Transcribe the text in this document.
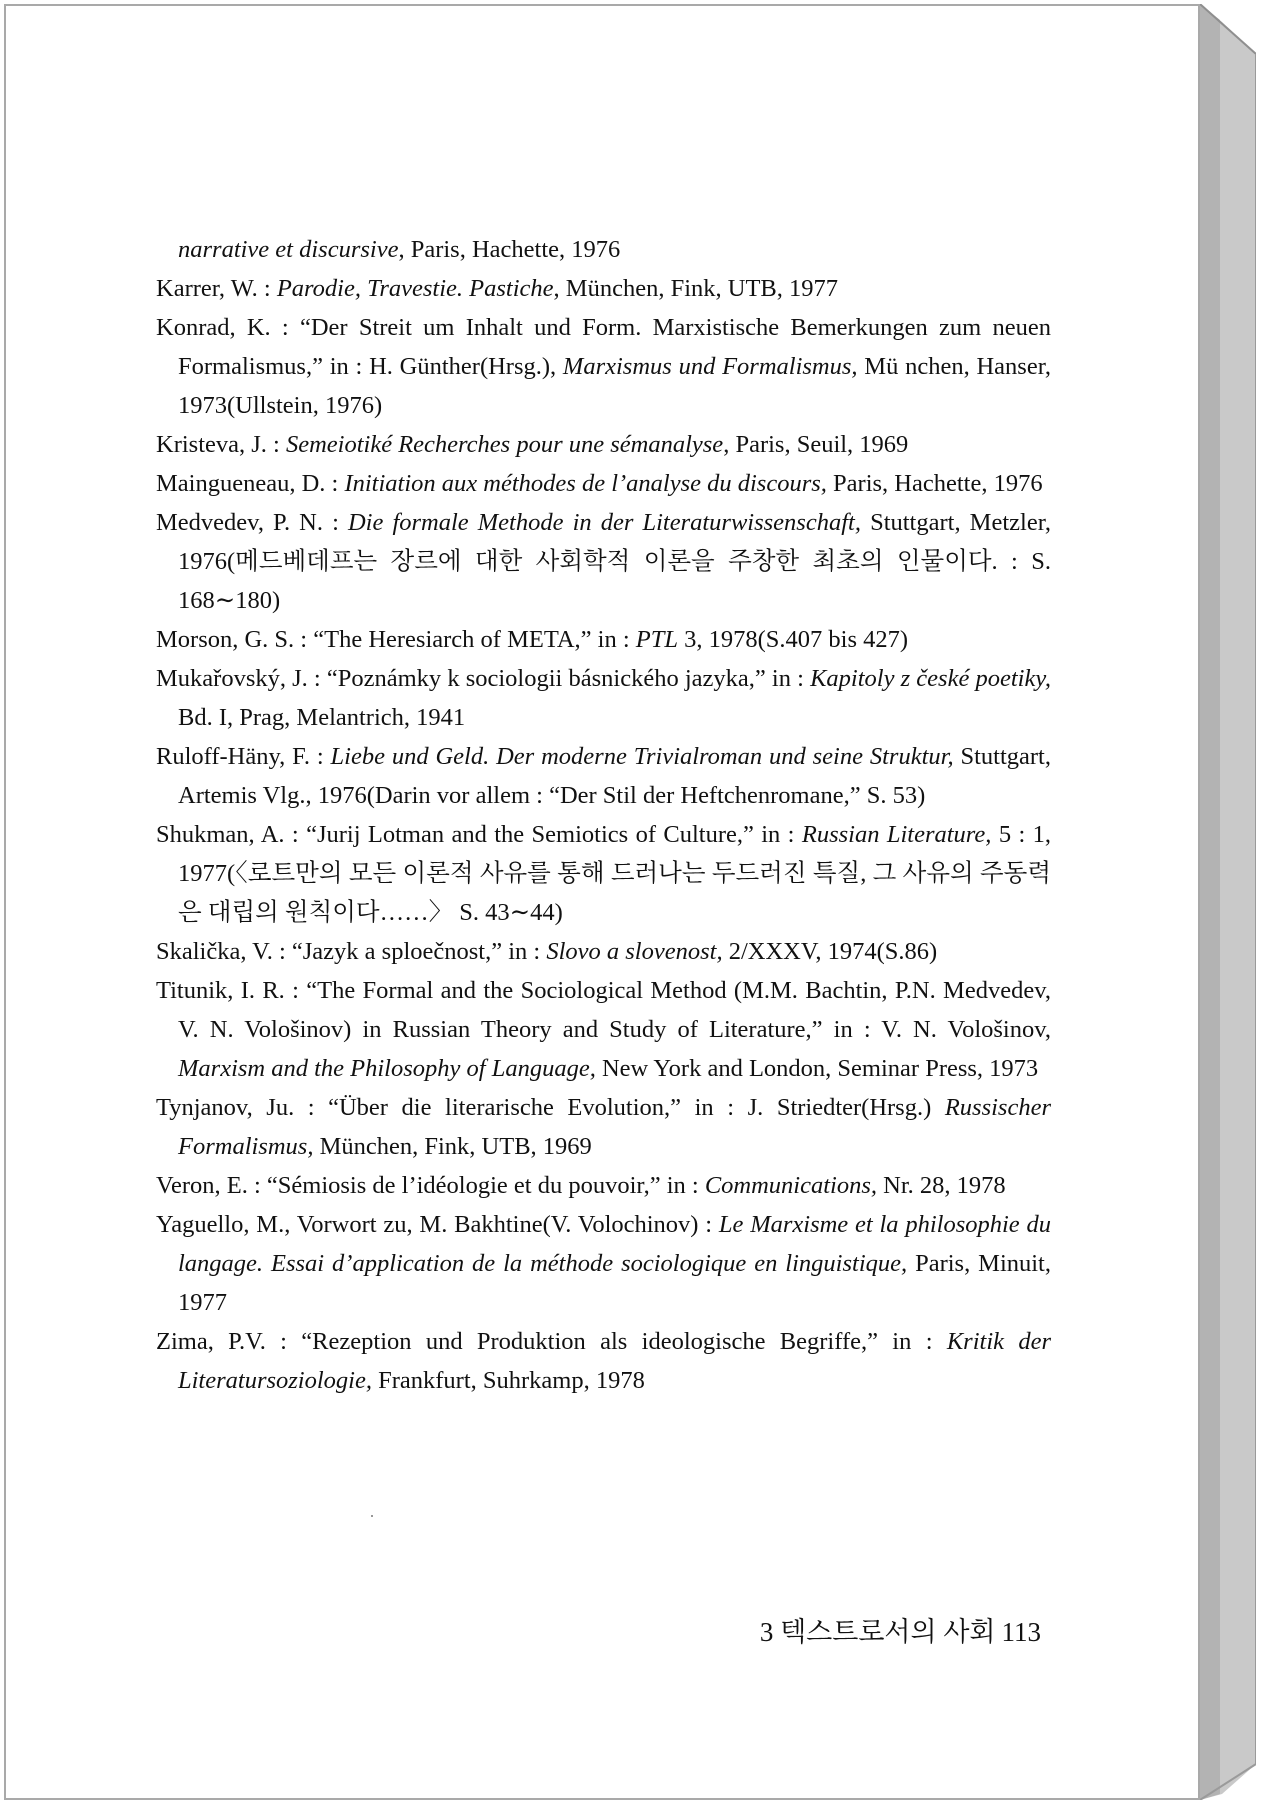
narrative et discursive, Paris, Hachette, 1976

Karrer, W. : Parodie, Travestie. Pastiche, München, Fink, UTB, 1977

Konrad, K. : “Der Streit um Inhalt und Form. Marxistische Bemerkungen zum neuen Formalismus,” in : H. Günther(Hrsg.), Marxismus und Formalismus, Mü nchen, Hanser, 1973(Ullstein, 1976)

Kristeva, J. : Semeiotiké Recherches pour une sémanalyse, Paris, Seuil, 1969

Maingueneau, D. : Initiation aux méthodes de l’analyse du discours, Paris, Hachette, 1976

Medvedev, P. N. : Die formale Methode in der Literaturwissenschaft, Stuttgart, Metzler, 1976(메드베데프는 장르에 대한 사회학적 이론을 주창한 최초의 인물이다. : S. 168∼180)

Morson, G. S. : “The Heresiarch of META,” in : PTL 3, 1978(S.407 bis 427)

Mukařovský, J. : “Poznámky k sociologii básnického jazyka,” in : Kapitoly z české poetiky, Bd. I, Prag, Melantrich, 1941

Ruloff-Häny, F. : Liebe und Geld. Der moderne Trivialroman und seine Struktur, Stuttgart, Artemis Vlg., 1976(Darin vor allem : “Der Stil der Heftchenromane,” S. 53)

Shukman, A. : “Jurij Lotman and the Semiotics of Culture,” in : Russian Literature, 5 : 1, 1977(〈로트만의 모든 이론적 사유를 통해 드러나는 두드러진 특질, 그 사유의 주동력은 대립의 원칙이다……〉 S. 43∼44)

Skalička, V. : “Jazyk a sploečnost,” in : Slovo a slovenost, 2/XXXV, 1974(S.86)

Titunik, I. R. : “The Formal and the Sociological Method (M.M. Bachtin, P.N. Medvedev, V. N. Vološinov) in Russian Theory and Study of Literature,” in : V. N. Vološinov, Marxism and the Philosophy of Language, New York and London, Seminar Press, 1973

Tynjanov, Ju. : “Über die literarische Evolution,” in : J. Striedter(Hrsg.) Russischer Formalismus, München, Fink, UTB, 1969

Veron, E. : “Sémiosis de l’idéologie et du pouvoir,” in : Communications, Nr. 28, 1978

Yaguello, M., Vorwort zu, M. Bakhtine(V. Volochinov) : Le Marxisme et la philosophie du langage. Essai d’application de la méthode sociologique en linguistique, Paris, Minuit, 1977

Zima, P.V. : “Rezeption und Produktion als ideologische Begriffe,” in : Kritik der Literatursoziologie, Frankfurt, Suhrkamp, 1978

3 텍스트로서의 사회 113
